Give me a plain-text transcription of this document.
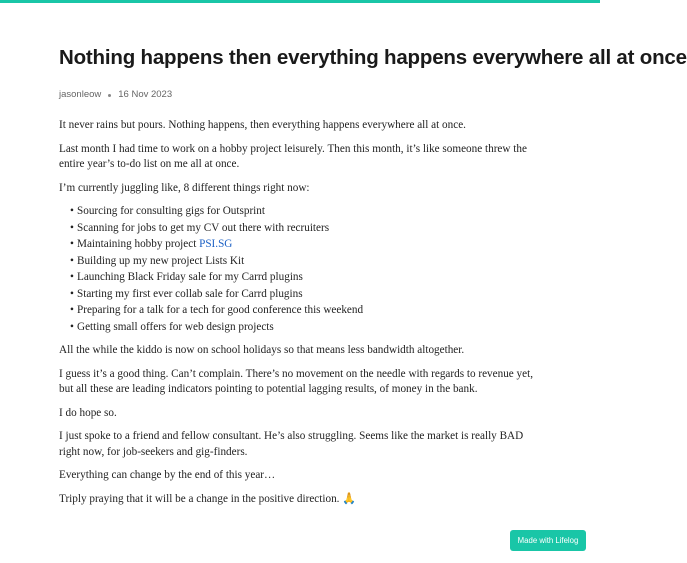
Nothing happens then everything happens everywhere all at once
jasonleow 16 Nov 2023

It never rains but pours. Nothing happens, then everything happens everywhere all at once.

Last month I had time to work on a hobby project leisurely. Then this month, it’s like someone threw the entire year’s to-do list on me all at once.

I’m currently juggling like, 8 different things right now:

• Sourcing for consulting gigs for Outsprint
• Scanning for jobs to get my CV out there with recruiters
• Maintaining hobby project PSI.SG
• Building up my new project Lists Kit
• Launching Black Friday sale for my Carrd plugins
• Starting my first ever collab sale for Carrd plugins
• Preparing for a talk for a tech for good conference this weekend
• Getting small offers for web design projects

All the while the kiddo is now on school holidays so that means less bandwidth altogether.

I guess it’s a good thing. Can’t complain. There’s no movement on the needle with regards to revenue yet, but all these are leading indicators pointing to potential lagging results, of money in the bank.

I do hope so.

I just spoke to a friend and fellow consultant. He’s also struggling. Seems like the market is really BAD right now, for job-seekers and gig-finders.

Everything can change by the end of this year…

Triply praying that it will be a change in the positive direction. 🙏

Made with Lifelog
